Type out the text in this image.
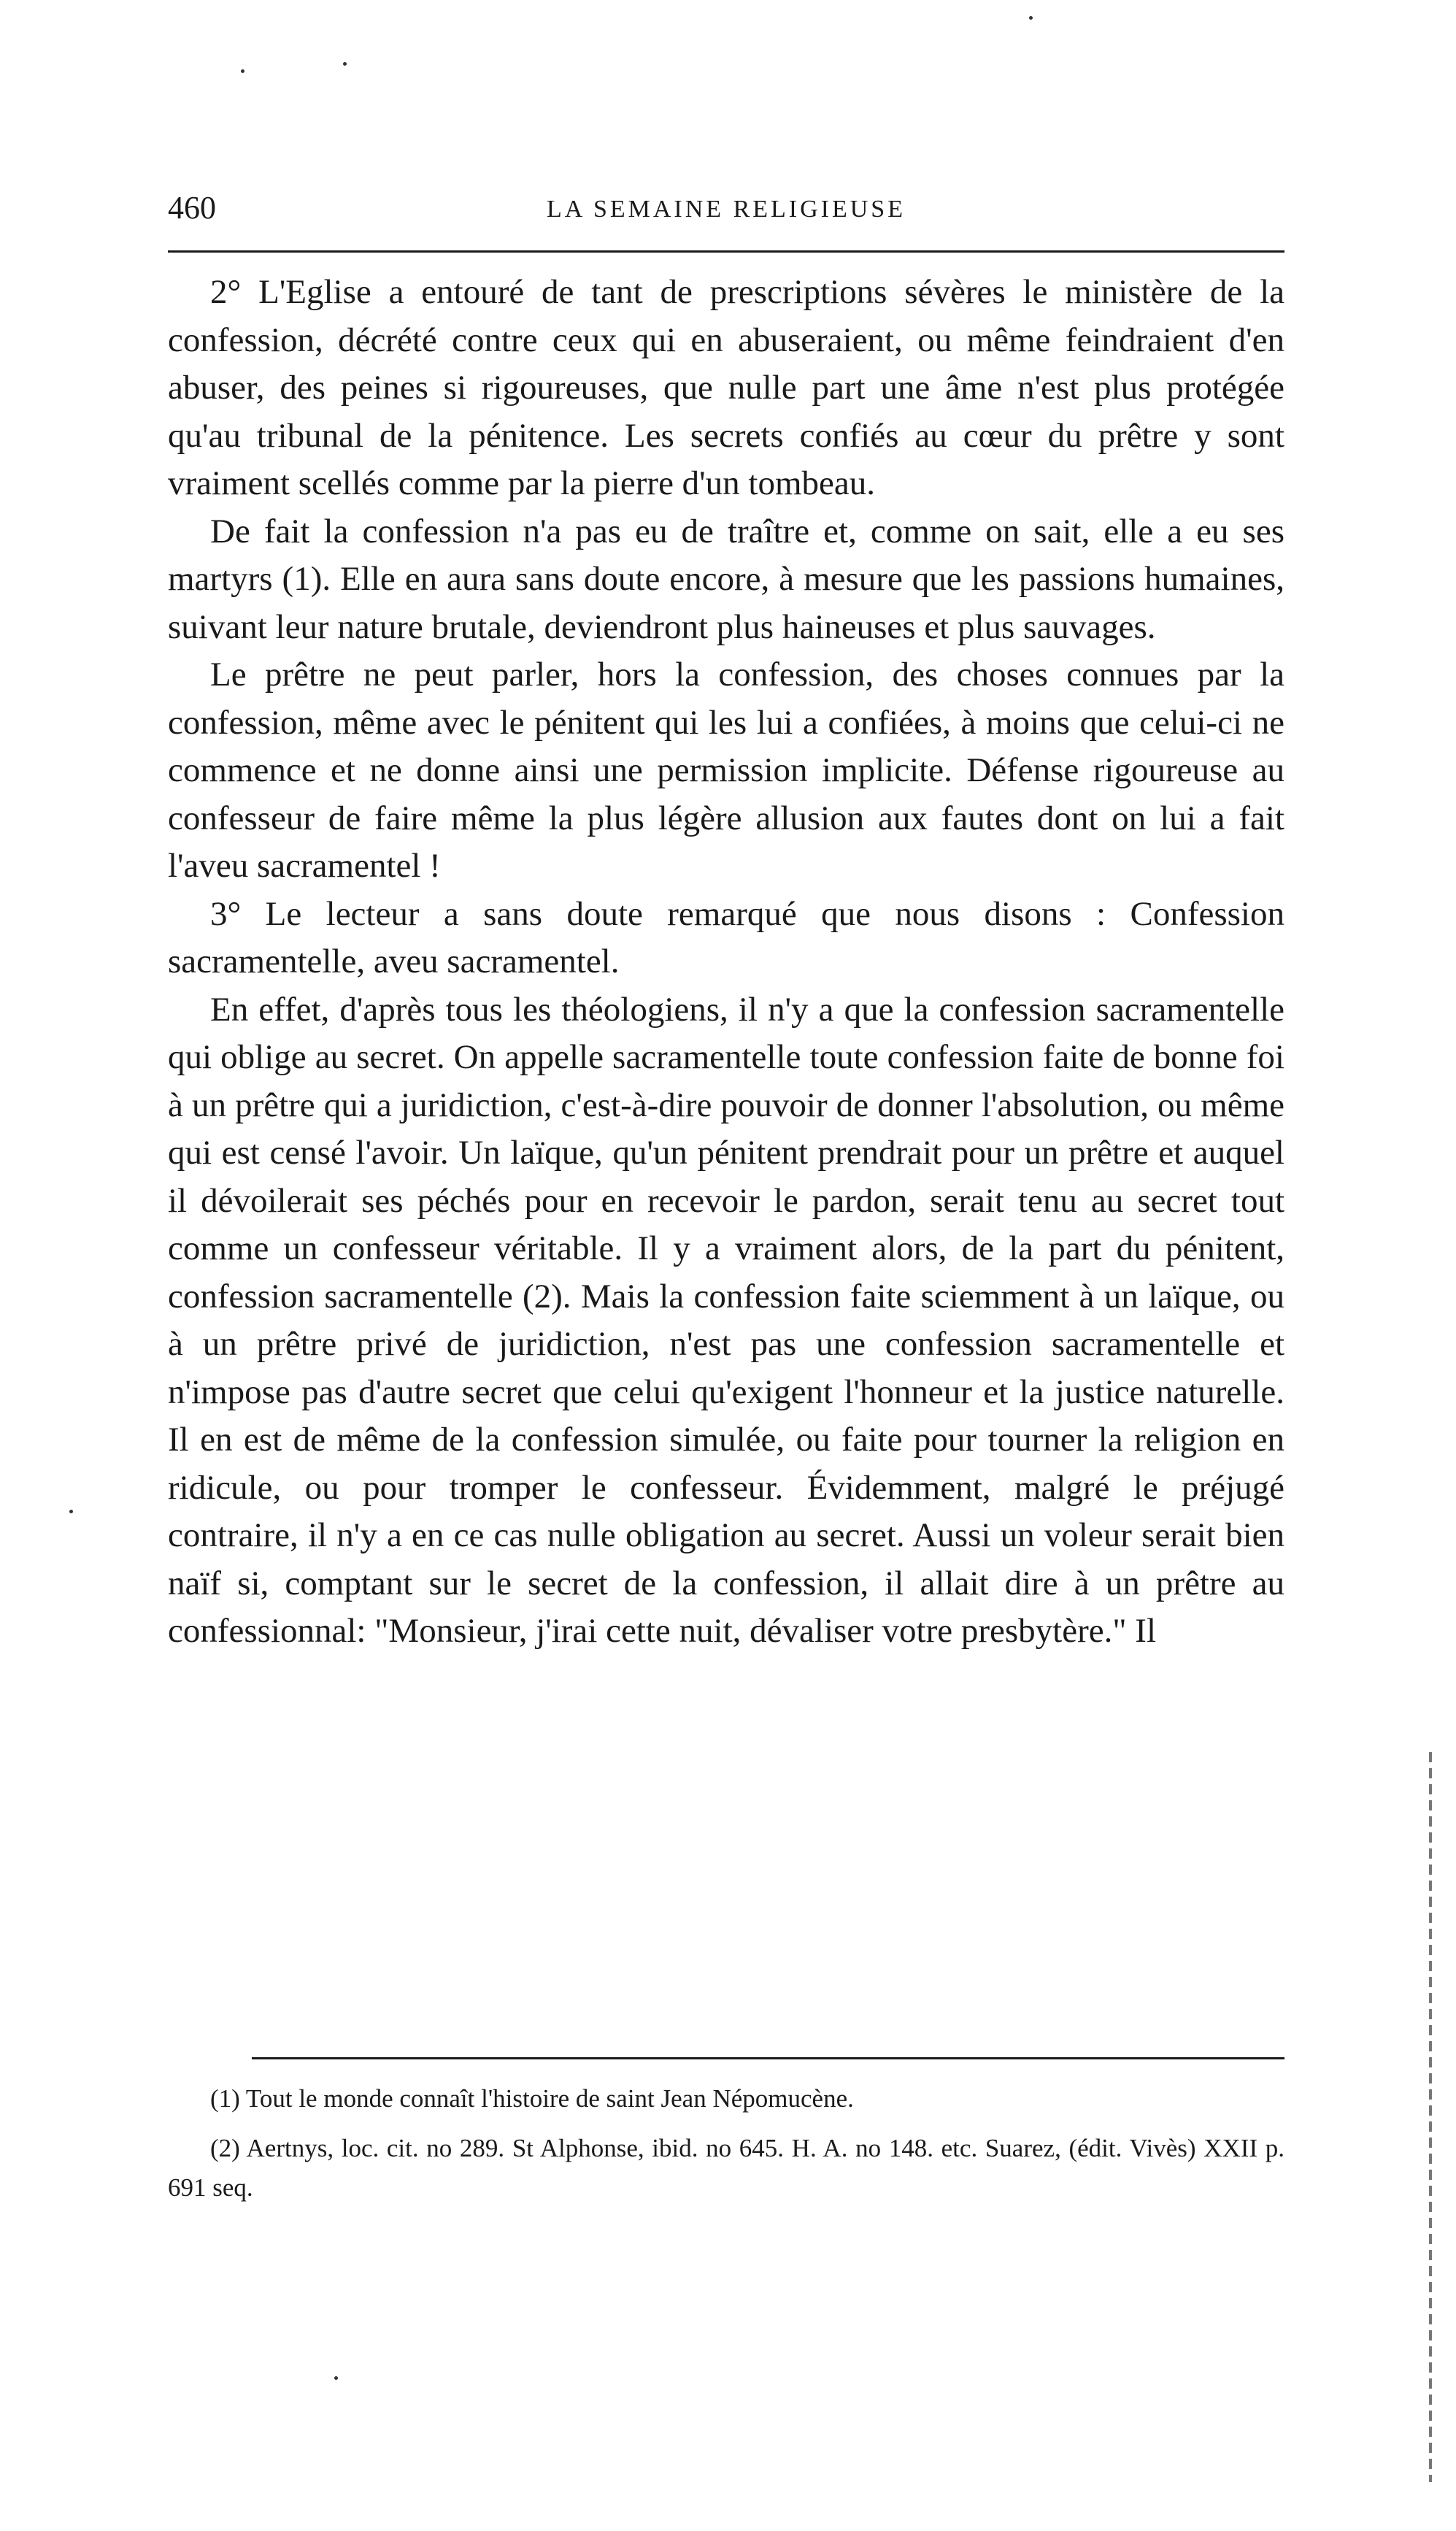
460	LA SEMAINE RELIGIEUSE

2° L'Eglise a entouré de tant de prescriptions sévères le ministère de la confession, décrété contre ceux qui en abuseraient, ou même feindraient d'en abuser, des peines si rigoureuses, que nulle part une âme n'est plus protégée qu'au tribunal de la pénitence. Les secrets confiés au cœur du prêtre y sont vraiment scellés comme par la pierre d'un tombeau.

De fait la confession n'a pas eu de traître et, comme on sait, elle a eu ses martyrs (1). Elle en aura sans doute encore, à mesure que les passions humaines, suivant leur nature brutale, deviendront plus haineuses et plus sauvages.

Le prêtre ne peut parler, hors la confession, des choses connues par la confession, même avec le pénitent qui les lui a confiées, à moins que celui-ci ne commence et ne donne ainsi une permission implicite. Défense rigoureuse au confesseur de faire même la plus légère allusion aux fautes dont on lui a fait l'aveu sacramentel !

3° Le lecteur a sans doute remarqué que nous disons : Confession sacramentelle, aveu sacramentel.

En effet, d'après tous les théologiens, il n'y a que la confession sacramentelle qui oblige au secret. On appelle sacramentelle toute confession faite de bonne foi à un prêtre qui a juridiction, c'est-à-dire pouvoir de donner l'absolution, ou même qui est censé l'avoir. Un laïque, qu'un pénitent prendrait pour un prêtre et auquel il dévoilerait ses péchés pour en recevoir le pardon, serait tenu au secret tout comme un confesseur véritable. Il y a vraiment alors, de la part du pénitent, confession sacramentelle (2). Mais la confession faite sciemment à un laïque, ou à un prêtre privé de juridiction, n'est pas une confession sacramentelle et n'impose pas d'autre secret que celui qu'exigent l'honneur et la justice naturelle. Il en est de même de la confession simulée, ou faite pour tourner la religion en ridicule, ou pour tromper le confesseur. Évidemment, malgré le préjugé contraire, il n'y a en ce cas nulle obligation au secret. Aussi un voleur serait bien naïf si, comptant sur le secret de la confession, il allait dire à un prêtre au confessionnal: "Monsieur, j'irai cette nuit, dévaliser votre presbytère." Il

(1) Tout le monde connaît l'histoire de saint Jean Népomucène.

(2) Aertnys, loc. cit. no 289. St Alphonse, ibid. no 645. H. A. no 148. etc. Suarez, (édit. Vivès) XXII p. 691 seq.
